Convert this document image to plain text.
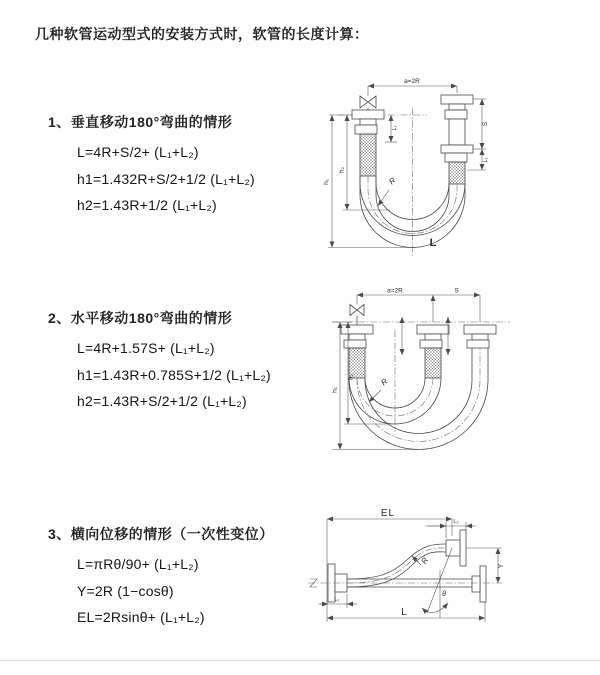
几种软管运动型式的安装方式时，软管的长度计算：
1、垂直移动180°弯曲的情形
L=4R+S/2+ (L₁+L₂)
h1=1.432R+S/2+1/2 (L₁+L₂)
h2=1.43R+1/2 (L₁+L₂)
2、水平移动180°弯曲的情形
L=4R+1.57S+ (L₁+L₂)
h1=1.43R+0.785S+1/2 (L₁+L₂)
h2=1.43R+S/2+1/2 (L₁+L₂)
3、横向位移的情形（一次性变位）
L=πRθ/90+ (L₁+L₂)
Y=2R (1−cosθ)
EL=2Rsinθ+ (L₁+L₂)
a=2R
h₁
h₂
L₁
S
L₁
R
L
a=2R	S
h₁
h₂	R
EL
L₂
Y
R
θ
L₁
L
